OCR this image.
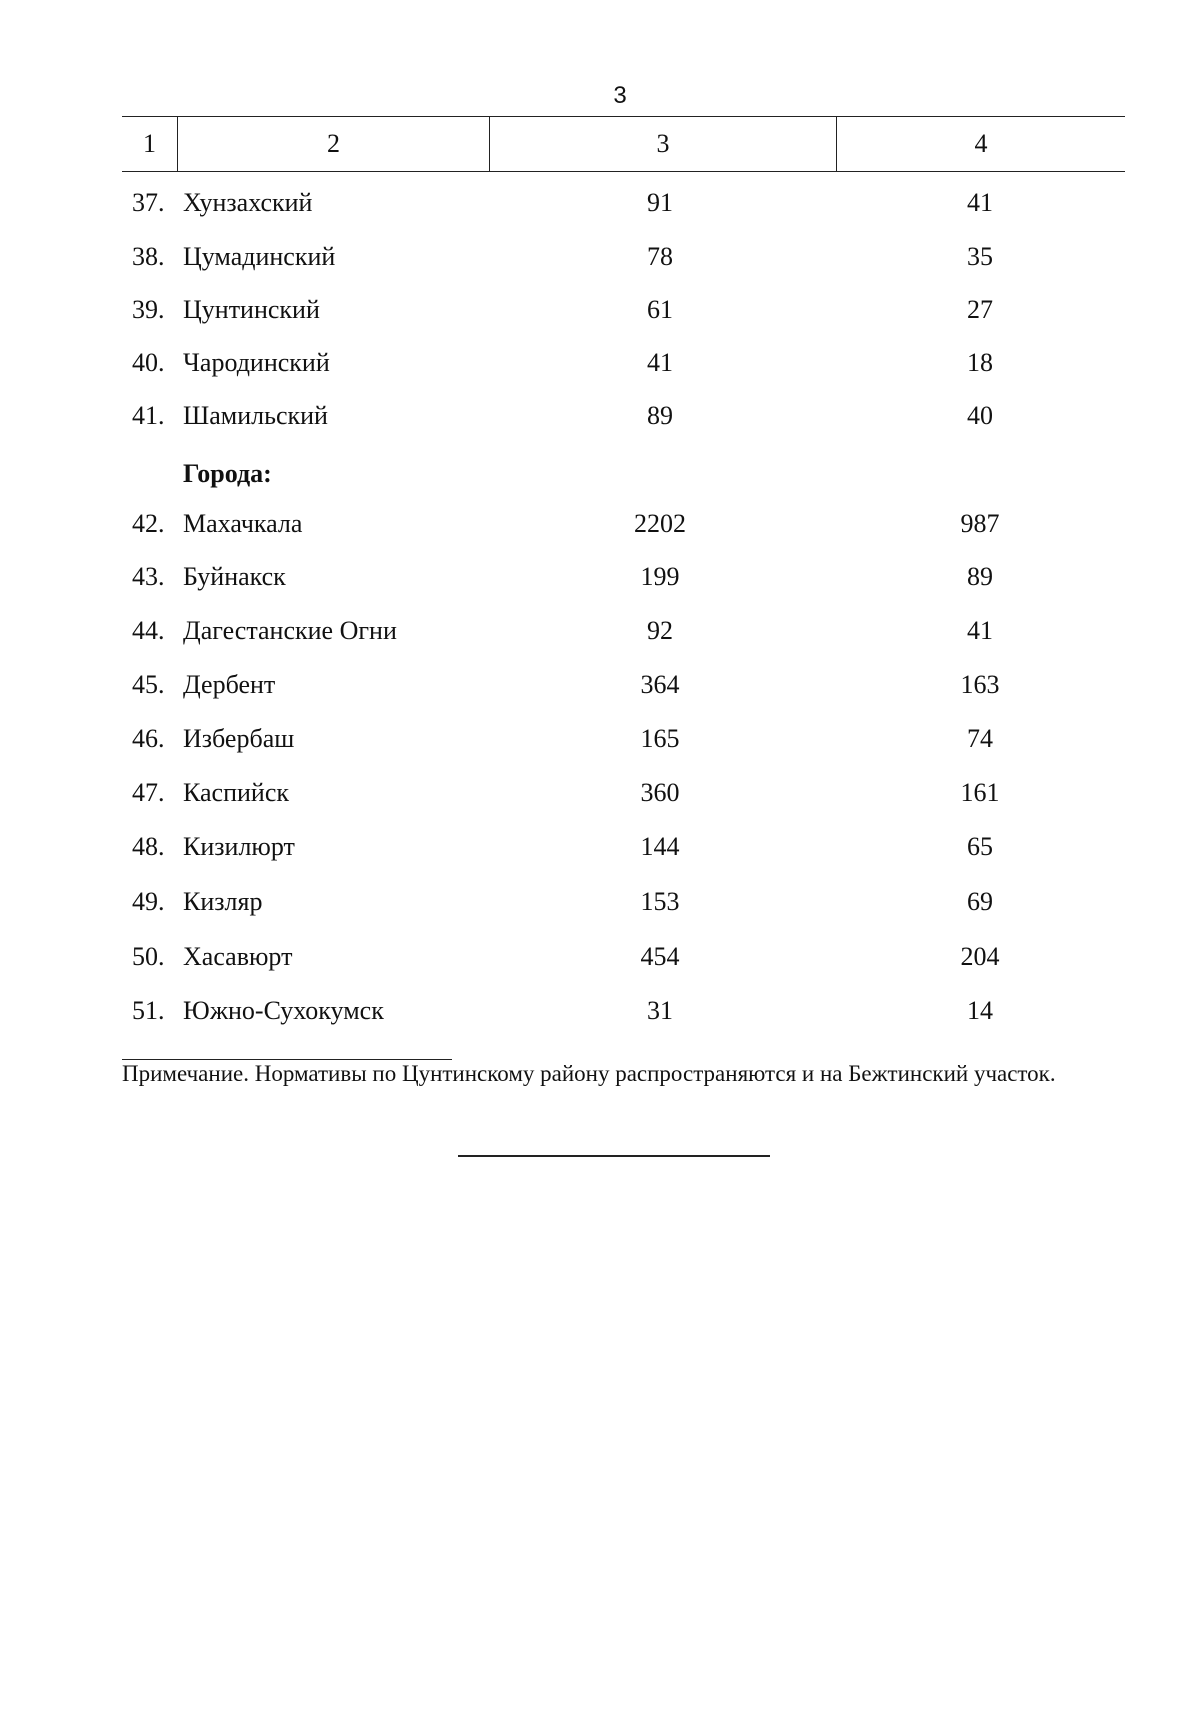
3
1	2	3	4
37. Хунзахский	91	41
38. Цумадинский	78	35
39. Цунтинский	61	27
40. Чародинский	41	18
41. Шамильский	89	40
Города:
42. Махачкала	2202	987
43. Буйнакск	199	89
44. Дагестанские Огни	92	41
45. Дербент	364	163
46. Избербаш	165	74
47. Каспийск	360	161
48. Кизилюрт	144	65
49. Кизляр	153	69
50. Хасавюрт	454	204
51. Южно-Сухокумск	31	14
Примечание. Нормативы по Цунтинскому району распространяются и на Бежтинский участок.
